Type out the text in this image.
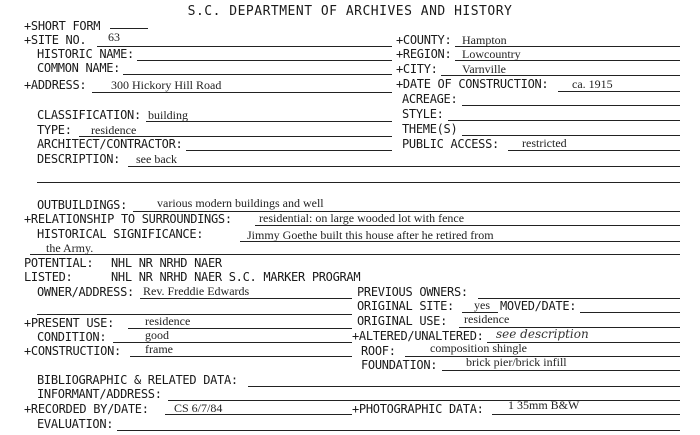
S.C. DEPARTMENT OF ARCHIVES AND HISTORY
+SHORT FORM
+SITE NO. 63
HISTORIC NAME:
COMMON NAME:
+ADDRESS: 300 Hickory Hill Road
+COUNTY: Hampton
+REGION: Lowcountry
+CITY: Varnville
+DATE OF CONSTRUCTION: ca. 1915
ACREAGE:
CLASSIFICATION: building
TYPE: residence
ARCHITECT/CONTRACTOR:
STYLE:
THEME(S)
PUBLIC ACCESS: restricted
DESCRIPTION: see back
OUTBUILDINGS: various modern buildings and well
+RELATIONSHIP TO SURROUNDINGS: residential: on large wooded lot with fence
HISTORICAL SIGNIFICANCE:	Jimmy Goethe built this house after he retired from
the Army.
POTENTIAL: NHL NR NRHD NAER
LISTED:	NHL NR NRHD NAER S.C. MARKER PROGRAM
OWNER/ADDRESS: Rev. Freddie Edwards	PREVIOUS OWNERS:
ORIGINAL SITE: yes MOVED/DATE:
ORIGINAL USE: residence
+PRESENT USE:	residence
CONDITION:	good	+ALTERED/UNALTERED: see description
+CONSTRUCTION: frame	ROOF:	composition shingle
FOUNDATION: brick pier/brick infill
BIBLIOGRAPHIC & RELATED DATA:
INFORMANT/ADDRESS:
+RECORDED BY/DATE: CS 6/7/84	+PHOTOGRAPHIC DATA: 1 35mm B&W
EVALUATION:
